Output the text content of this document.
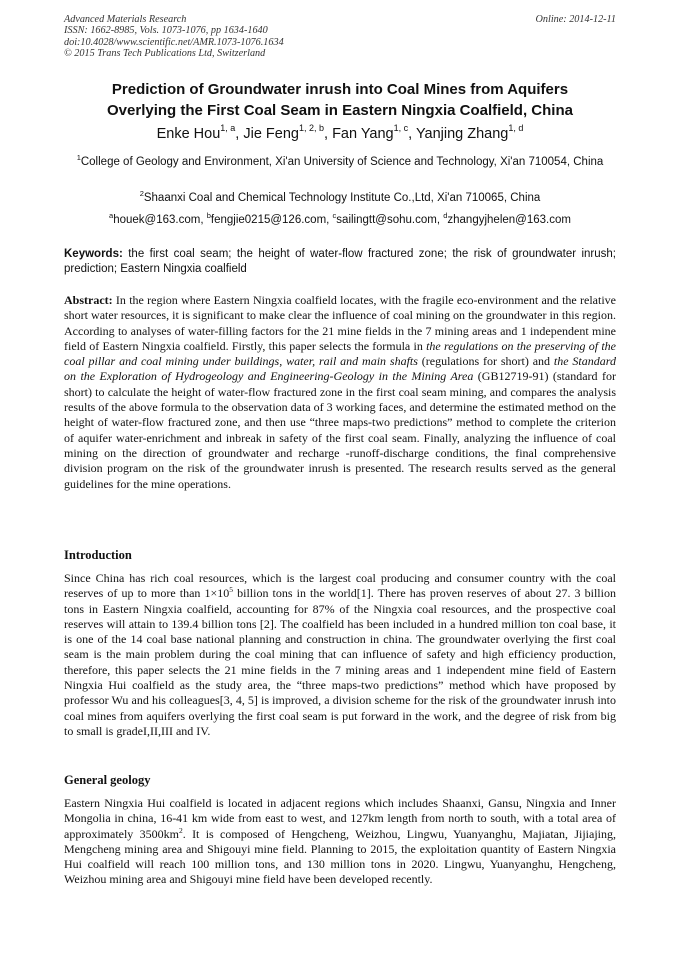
Advanced Materials Research
ISSN: 1662-8985, Vols. 1073-1076, pp 1634-1640
doi:10.4028/www.scientific.net/AMR.1073-1076.1634
© 2015 Trans Tech Publications Ltd, Switzerland
Online: 2014-12-11
Prediction of Groundwater inrush into Coal Mines from Aquifers
Overlying the First Coal Seam in Eastern Ningxia Coalfield, China
Enke Hou$^{1, a}$, Jie Feng$^{1, 2, b}$, Fan Yang$^{1, c}$, Yanjing Zhang$^{1, d}$
$^1$College of Geology and Environment, Xi'an University of Science and Technology, Xi'an 710054, China
$^2$Shaanxi Coal and Chemical Technology Institute Co.,Ltd, Xi'an 710065, China
$^a$houek@163.com, $^b$fengjie0215@126.com, $^c$sailingtt@sohu.com, $^d$zhangyjhelen@163.com
Keywords: the first coal seam; the height of water-flow fractured zone; the risk of groundwater inrush; prediction; Eastern Ningxia coalfield
Abstract: In the region where Eastern Ningxia coalfield locates, with the fragile eco-environment and the relative short water resources, it is significant to make clear the influence of coal mining on the groundwater in this region. According to analyses of water-filling factors for the 21 mine fields in the 7 mining areas and 1 independent mine field of Eastern Ningxia coalfield. Firstly, this paper selects the formula in the regulations on the preserving of the coal pillar and coal mining under buildings, water, rail and main shafts (regulations for short) and the Standard on the Exploration of Hydrogeology and Engineering-Geology in the Mining Area (GB12719-91) (standard for short) to calculate the height of water-flow fractured zone in the first coal seam mining, and compares the analysis results of the above formula to the observation data of 3 working faces, and determine the estimated method on the height of water-flow fractured zone, and then use “three maps-two predictions” method to complete the criterion of aquifer water-enrichment and inbreak in safety of the first coal seam. Finally, analyzing the influence of coal mining on the direction of groundwater and recharge -runoff-discharge conditions, the final comprehensive division program on the risk of the groundwater inrush is presented. The research results served as the general guidelines for the mine operations.
Introduction
Since China has rich coal resources, which is the largest coal producing and consumer country with the coal reserves of up to more than $1\times 10^5$ billion tons in the world[1]. There has proven reserves of about 27. 3 billion tons in Eastern Ningxia coalfield, accounting for 87% of the Ningxia coal resources, and the prospective coal reserves will attain to 139.4 billion tons [2]. The coalfield has been included in a hundred million ton coal base, it is one of the 14 coal base national planning and construction in china. The groundwater overlying the first coal seam is the main problem during the coal mining that can influence of safety and high efficiency production, therefore, this paper selects the 21 mine fields in the 7 mining areas and 1 independent mine field of Eastern Ningxia Hui coalfield as the study area, the “three maps-two predictions” method which have proposed by professor Wu and his colleagues[3, 4, 5] is improved, a division scheme for the risk of the groundwater inrush into coal mines from aquifers overlying the first coal seam is put forward in the work, and the degree of risk from big to small is gradeI,II,III and IV.
General geology
Eastern Ningxia Hui coalfield is located in adjacent regions which includes Shaanxi, Gansu, Ningxia and Inner Mongolia in china, 16-41 km wide from east to west, and 127km length from north to south, with a total area of approximately $3500km^2$. It is composed of Hengcheng, Weizhou, Lingwu, Yuanyanghu, Majiatan, Jijiajing, Mengcheng mining area and Shigouyi mine field. Planning to 2015, the exploitation quantity of Eastern Ningxia Hui coalfield will reach 100 million tons, and 130 million tons in 2020. Lingwu, Yuanyanghu, Hengcheng, Weizhou mining area and Shigouyi mine field have been developed recently.
